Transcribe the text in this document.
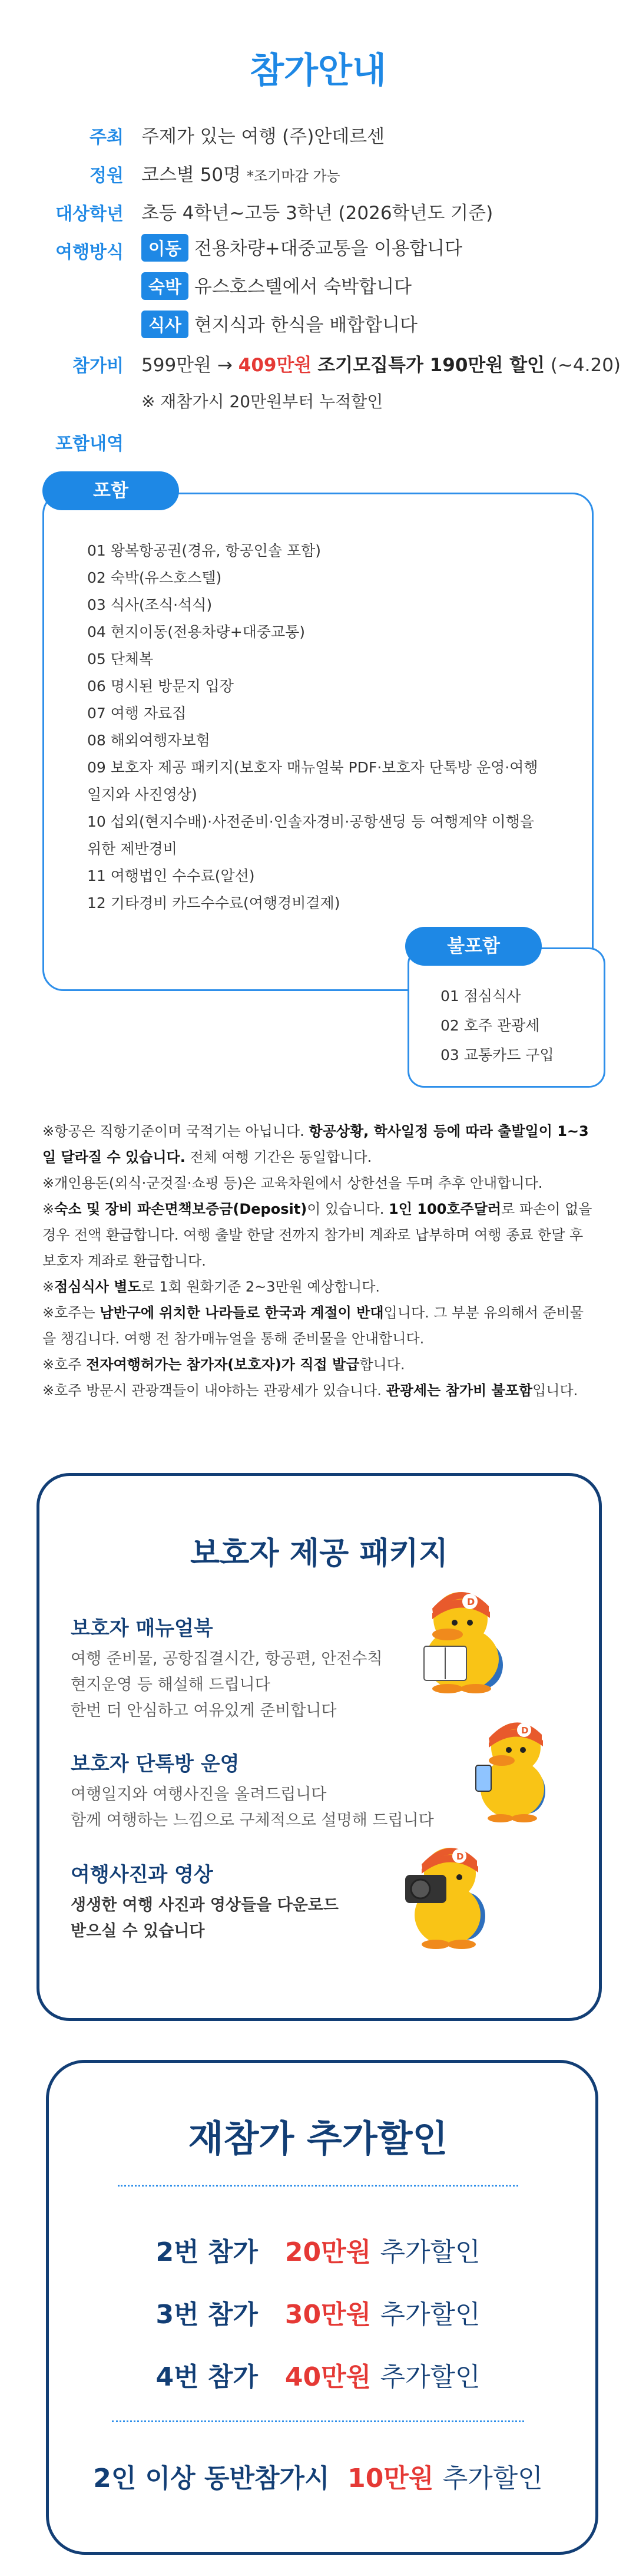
참가안내
주최 주제가 있는 여행 (주)안데르센
정원 코스별 50명 *조기마감 가능
대상학년 초등 4학년~고등 3학년 (2026학년도 기준)
여행방식	이동 전용차량+대중교통을 이용합니다
숙박 유스호스텔에서 숙박합니다
식사 현지식과 한식을 배합합니다
참가비 599만원 → 409만원 조기모집특가 190만원 할인 (~4.20)
※ 재참가시 20만원부터 누적할인
포함내역
포함
01 왕복항공권(경유, 항공인솔 포함)
02 숙박(유스호스텔)
03 식사(조식·석식)
04 현지이동(전용차량+대중교통)
05 단체복
06 명시된 방문지 입장
07 여행 자료집
08 해외여행자보험
09 보호자 제공 패키지(보호자 매뉴얼북 PDF·보호자 단톡방 운영·여행
일지와 사진영상)
10 섭외(현지수배)·사전준비·인솔자경비·공항샌딩 등 여행계약 이행을
위한 제반경비
11 여행법인 수수료(알선)
12 기타경비 카드수수료(여행경비결제)
불포함
01 점심식사
02 호주 관광세
03 교통카드 구입
※항공은 직항기준이며 국적기는 아닙니다. 항공상황, 학사일정 등에 따라 출발일이 1~3
일 달라질 수 있습니다. 전체 여행 기간은 동일합니다.
※개인용돈(외식·군것질·쇼핑 등)은 교육차원에서 상한선을 두며 추후 안내합니다.
※숙소 및 장비 파손면책보증금(Deposit)이 있습니다. 1인 100호주달러로 파손이 없을
경우 전액 환급합니다. 여행 출발 한달 전까지 참가비 계좌로 납부하며 여행 종료 한달 후
보호자 계좌로 환급합니다.
※점심식사 별도로 1회 원화기준 2~3만원 예상합니다.
※호주는 남반구에 위치한 나라들로 한국과 계절이 반대입니다. 그 부분 유의해서 준비물
을 챙깁니다. 여행 전 참가매뉴얼을 통해 준비물을 안내합니다.
※호주 전자여행허가는 참가자(보호자)가 직접 발급합니다.
※호주 방문시 관광객들이 내야하는 관광세가 있습니다. 관광세는 참가비 불포함입니다.
보호자 제공 패키지
보호자 매뉴얼북
여행 준비물, 공항집결시간, 항공편, 안전수칙
현지운영 등 해설해 드립니다
한번 더 안심하고 여유있게 준비합니다
보호자 단톡방 운영
여행일지와 여행사진을 올려드립니다
함께 여행하는 느낌으로 구체적으로 설명해 드립니다
여행사진과 영상
생생한 여행 사진과 영상들을 다운로드
받으실 수 있습니다
D
D
D
재참가 추가할인
2번 참가 20만원 추가할인
3번 참가 30만원 추가할인
4번 참가 40만원 추가할인
2인 이상 동반참가시 10만원 추가할인
